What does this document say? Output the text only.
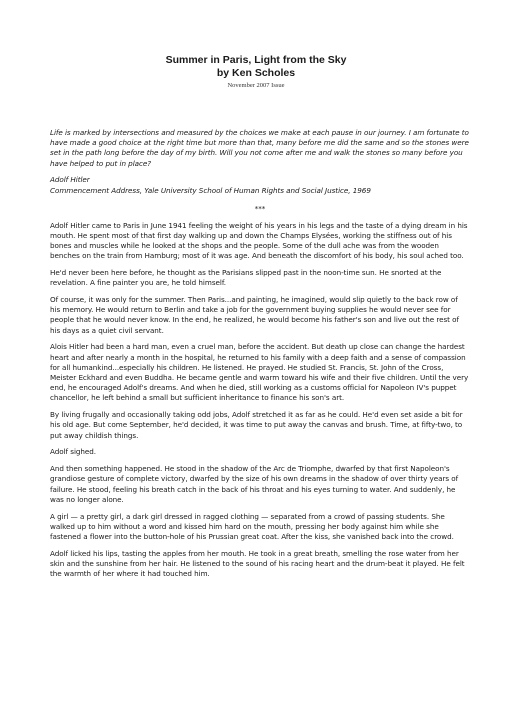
Summer in Paris, Light from the Sky
by Ken Scholes
November 2007 Issue

Life is marked by intersections and measured by the choices we make at each pause in our journey. I am fortunate to have made a good choice at the right time but more than that, many before me did the same and so the stones were set in the path long before the day of my birth. Will you not come after me and walk the stones so many before you have helped to put in place?

Adolf Hitler
Commencement Address, Yale University School of Human Rights and Social Justice, 1969

***

Adolf Hitler came to Paris in June 1941 feeling the weight of his years in his legs and the taste of a dying dream in his mouth. He spent most of that first day walking up and down the Champs Elysées, working the stiffness out of his bones and muscles while he looked at the shops and the people. Some of the dull ache was from the wooden benches on the train from Hamburg; most of it was age. And beneath the discomfort of his body, his soul ached too.

He'd never been here before, he thought as the Parisians slipped past in the noon-time sun. He snorted at the revelation. A fine painter you are, he told himself.

Of course, it was only for the summer. Then Paris...and painting, he imagined, would slip quietly to the back row of his memory. He would return to Berlin and take a job for the government buying supplies he would never see for people that he would never know. In the end, he realized, he would become his father's son and live out the rest of his days as a quiet civil servant.

Alois Hitler had been a hard man, even a cruel man, before the accident. But death up close can change the hardest heart and after nearly a month in the hospital, he returned to his family with a deep faith and a sense of compassion for all humankind...especially his children. He listened. He prayed. He studied St. Francis, St. John of the Cross, Meister Eckhard and even Buddha. He became gentle and warm toward his wife and their five children. Until the very end, he encouraged Adolf's dreams. And when he died, still working as a customs official for Napoleon IV's puppet chancellor, he left behind a small but sufficient inheritance to finance his son's art.

By living frugally and occasionally taking odd jobs, Adolf stretched it as far as he could. He'd even set aside a bit for his old age. But come September, he'd decided, it was time to put away the canvas and brush. Time, at fifty-two, to put away childish things.

Adolf sighed.

And then something happened. He stood in the shadow of the Arc de Triomphe, dwarfed by that first Napoleon's grandiose gesture of complete victory, dwarfed by the size of his own dreams in the shadow of over thirty years of failure. He stood, feeling his breath catch in the back of his throat and his eyes turning to water. And suddenly, he was no longer alone.

A girl — a pretty girl, a dark girl dressed in ragged clothing — separated from a crowd of passing students. She walked up to him without a word and kissed him hard on the mouth, pressing her body against him while she fastened a flower into the button-hole of his Prussian great coat. After the kiss, she vanished back into the crowd.

Adolf licked his lips, tasting the apples from her mouth. He took in a great breath, smelling the rose water from her skin and the sunshine from her hair. He listened to the sound of his racing heart and the drum-beat it played. He felt the warmth of her where it had touched him.
